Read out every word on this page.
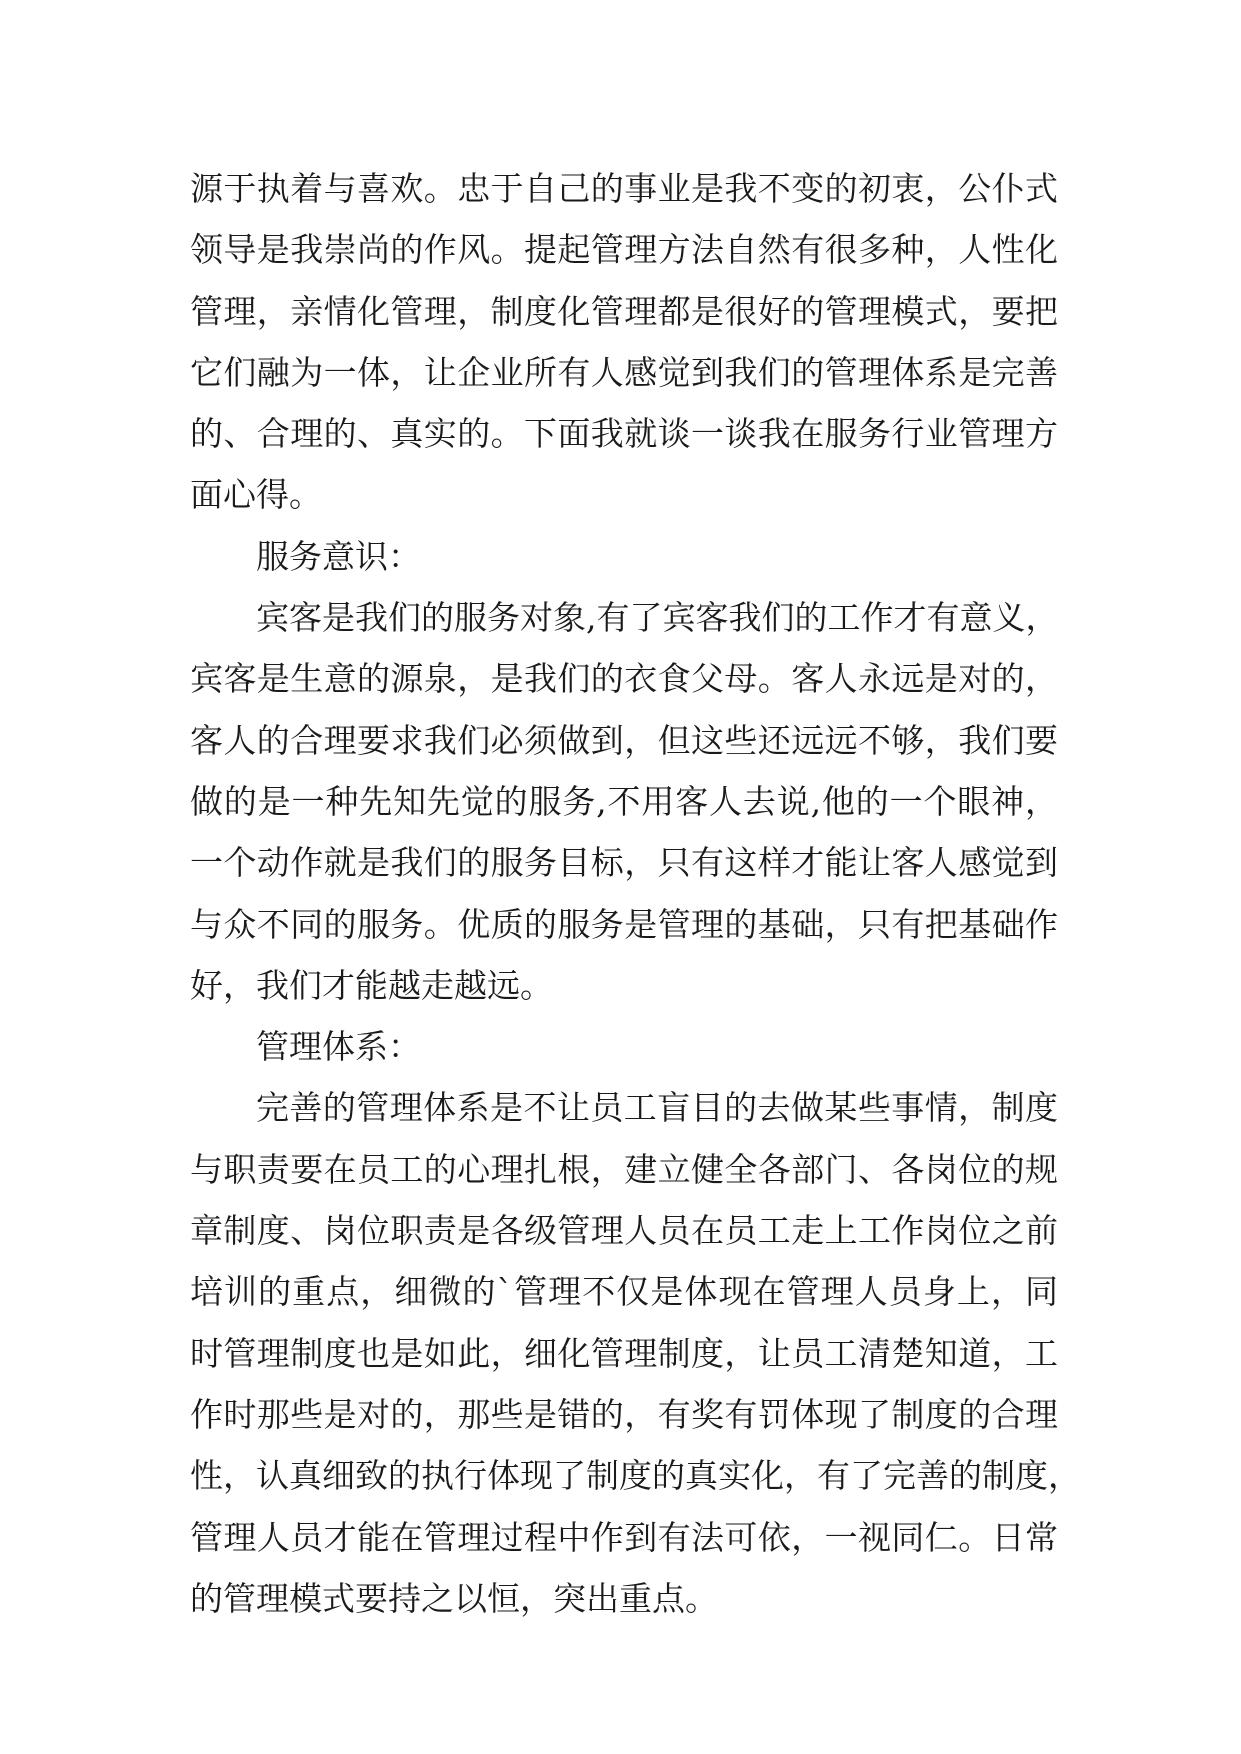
源于执着与喜欢。忠于自己的事业是我不变的初衷，公仆式
领导是我崇尚的作风。提起管理方法自然有很多种，人性化
管理，亲情化管理，制度化管理都是很好的管理模式，要把
它们融为一体，让企业所有人感觉到我们的管理体系是完善
的、合理的、真实的。下面我就谈一谈我在服务行业管理方
面心得。
服务意识：
宾客是我们的服务对象,有了宾客我们的工作才有意义，
宾客是生意的源泉，是我们的衣食父母。客人永远是对的，
客人的合理要求我们必须做到，但这些还远远不够，我们要
做的是一种先知先觉的服务,不用客人去说,他的一个眼神，
一个动作就是我们的服务目标，只有这样才能让客人感觉到
与众不同的服务。优质的服务是管理的基础，只有把基础作
好，我们才能越走越远。
管理体系：
完善的管理体系是不让员工盲目的去做某些事情，制度
与职责要在员工的心理扎根，建立健全各部门、各岗位的规
章制度、岗位职责是各级管理人员在员工走上工作岗位之前
培训的重点，细微的`管理不仅是体现在管理人员身上，同
时管理制度也是如此，细化管理制度，让员工清楚知道，工
作时那些是对的，那些是错的，有奖有罚体现了制度的合理
性，认真细致的执行体现了制度的真实化，有了完善的制度，
管理人员才能在管理过程中作到有法可依，一视同仁。日常
的管理模式要持之以恒，突出重点。
